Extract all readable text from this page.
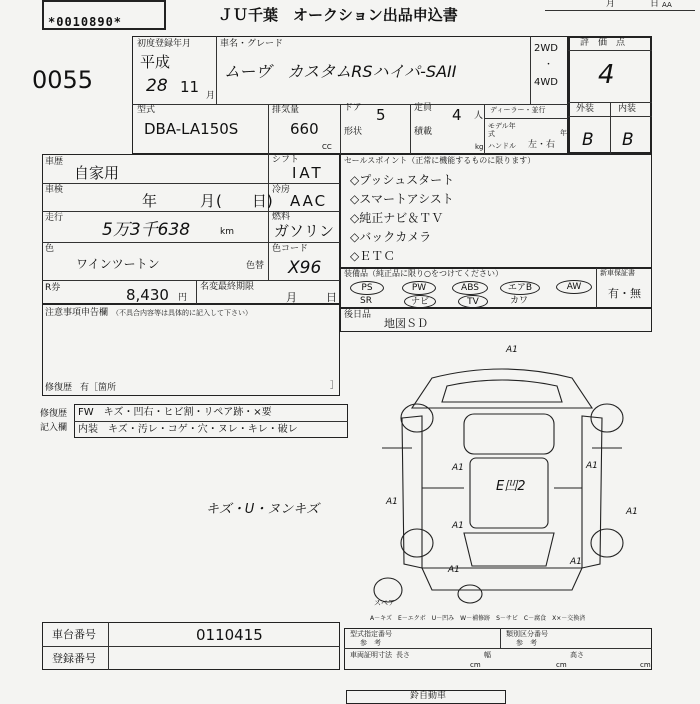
*0010890*	ＪＵ千葉　オークション出品申込書
月	日 AA
0055
初度登録年月
平成
28 11 月
車名・グレード
ムーヴ　カスタムRSハイパ-SAII
2WD
・
4WD
型式
DBA-LA150S
排気量
660
CC
ドア 5
形状
定員 4 人
積載
kg
ディーラー・並行
モデル年式	年
ハンドル 左・右
評　価　点
4
外装	内装
B B
車歴
自家用
車検
年	月 (　　日)
走行
5万3千638	km
色
ワインツートン	色替
R券	8,430 円
名変最終期限
月	日
シフト
IAT
冷房
AAC
燃料
ガソリン
色コード
X96
セールスポイント（正常に機能するものに限ります）
◇プッシュスタート
◇スマートアシスト
◇純正ナビ＆ＴＶ
◇バックカメラ
◇ＥＴＣ
装備品（純正品に限り○をつけてください）
PS	PW	ABS	エアB	AW
SR	ナビ	TV	カワ
新車保証書
有・無
後日品
地図ＳＤ
注意事項申告欄 （不具合内容等は具体的に記入して下さい）
修復歴 有［箇所	］
修復歴
記入欄
FW　キズ・凹右・ヒビ割・リペア跡・×要
内装　キズ・汚レ・コゲ・穴・ヌレ・キレ・破レ
キズ・U・ヌンキズ
A1
A1
A1
A1
A1
A1
A1
A1
E凹2
スペア
A－キズ　E－エクボ　U－凹み　W－補修跡　S－サビ　C－腐食　X×－交換済
車台番号	0110415
登録番号
型式指定番号
参　考
類別区分番号
参　考
車両証明寸法 長さ
cm
幅
cm
高さ
cm
鈴自動車
